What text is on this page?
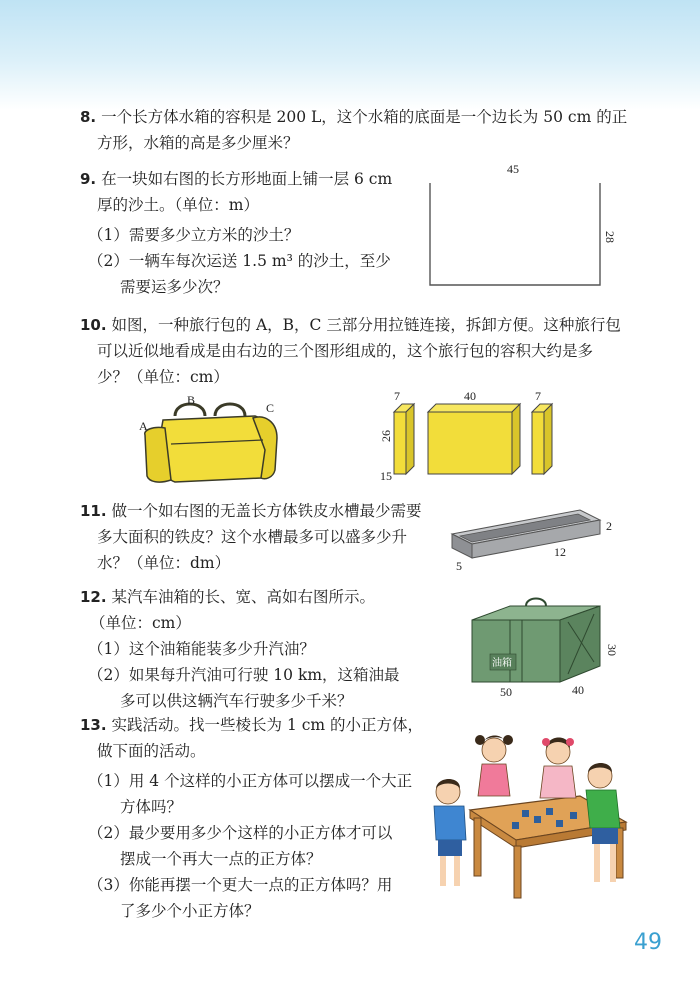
8. 一个长方体水箱的容积是 200 L，这个水箱的底面是一个边长为 50 cm 的正
方形，水箱的高是多少厘米？
9. 在一块如右图的长方形地面上铺一层 6 cm
厚的沙土。（单位：m）
（1）需要多少立方米的沙土？
（2）一辆车每次运送 1.5 m³ 的沙土，至少
需要运多少次？
45
28
10. 如图，一种旅行包的 A，B，C 三部分用拉链连接，拆卸方便。这种旅行包
可以近似地看成是由右边的三个图形组成的，这个旅行包的容积大约是多
少？（单位：cm）
A
B
C
7	40	7
26
15
11. 做一个如右图的无盖长方体铁皮水槽最少需要
多大面积的铁皮？这个水槽最多可以盛多少升
水？（单位：dm）
2
12
5
12. 某汽车油箱的长、宽、高如右图所示。
（单位：cm）
（1）这个油箱能装多少升汽油？
（2）如果每升汽油可行驶 10 km，这箱油最
多可以供这辆汽车行驶多少千米？
油箱
30
50	40
13. 实践活动。找一些棱长为 1 cm 的小正方体，
做下面的活动。
（1）用 4 个这样的小正方体可以摆成一个大正
方体吗？
（2）最少要用多少个这样的小正方体才可以
摆成一个再大一点的正方体？
（3）你能再摆一个更大一点的正方体吗？用
了多少个小正方体？
49
